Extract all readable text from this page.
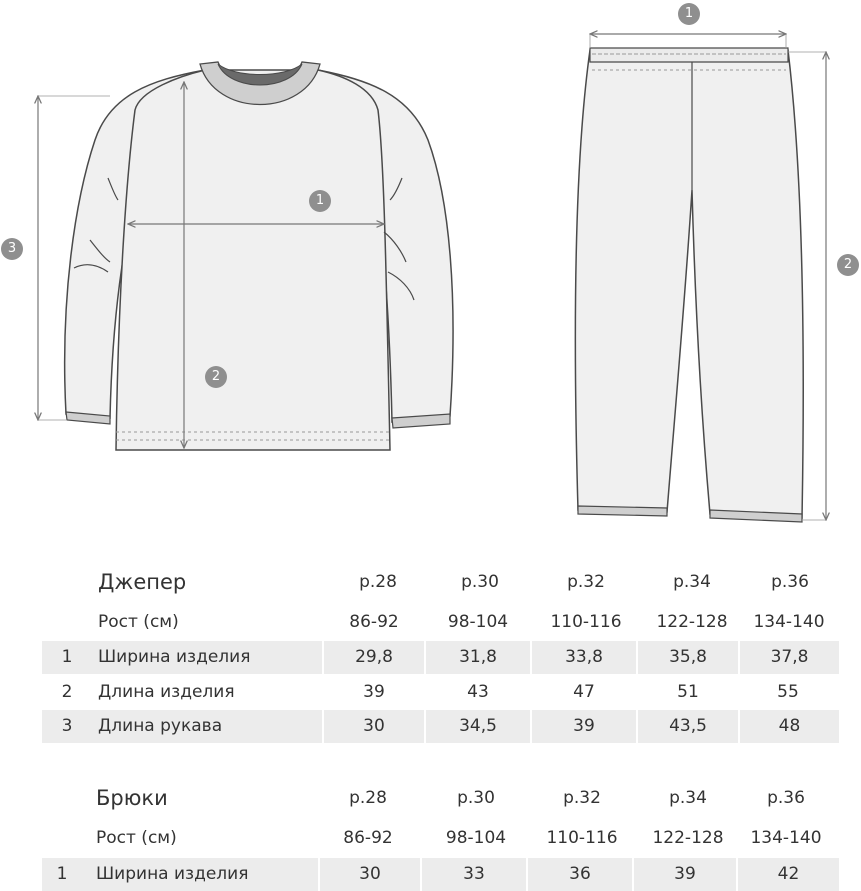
1
2
3
1
2
Джепер	р.28	р.30	р.32	р.34	р.36
Рост (см)	86-92	98-104	110-116	122-128	134-140
1	Ширина изделия	29,8	31,8	33,8	35,8	37,8
2	Длина изделия	39	43	47	51	55
3	Длина рукава	30	34,5	39	43,5	48
Брюки	р.28	р.30	р.32	р.34	р.36
Рост (см)	86-92	98-104	110-116	122-128	134-140
1	Ширина изделия	30	33	36	39	42
